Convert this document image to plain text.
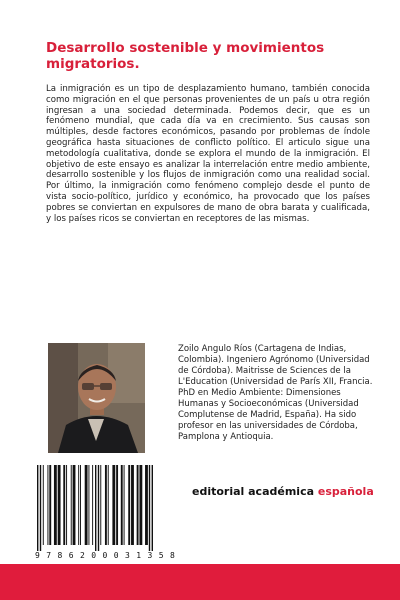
Desarrollo sostenible y movimientos migratorios.

La inmigración es un tipo de desplazamiento humano, también conocida como migración en el que personas provenientes de un país u otra región ingresan a una sociedad determinada. Podemos decir, que es un fenómeno mundial, que cada día va en crecimiento. Sus causas son múltiples, desde factores económicos, pasando por problemas de índole geográfica hasta situaciones de conflicto político. El articulo sigue una metodología cualitativa, donde se explora el mundo de la inmigración. El objetivo de este ensayo es analizar la interrelación entre medio ambiente, desarrollo sostenible y los flujos de inmigración como una realidad social. Por último, la inmigración como fenómeno complejo desde el punto de vista socio-político, jurídico y económico, ha provocado que los países pobres se conviertan en expulsores de mano de obra barata y cualificada, y los países ricos se conviertan en receptores de las mismas.

Zoilo Angulo Ríos (Cartagena de Indias, Colombia). Ingeniero Agrónomo (Universidad de Córdoba). Maitrisse de Sciences de la L'Education (Universidad de París XII, Francia. PhD en Medio Ambiente: Dimensiones Humanas y Socioeconómicas (Universidad Complutense de Madrid, España). Ha sido profesor en las universidades de Córdoba, Pamplona y Antioquia.

9 7 8 6 2 0 0 0 3 1 3 5 8
editorial académica española
